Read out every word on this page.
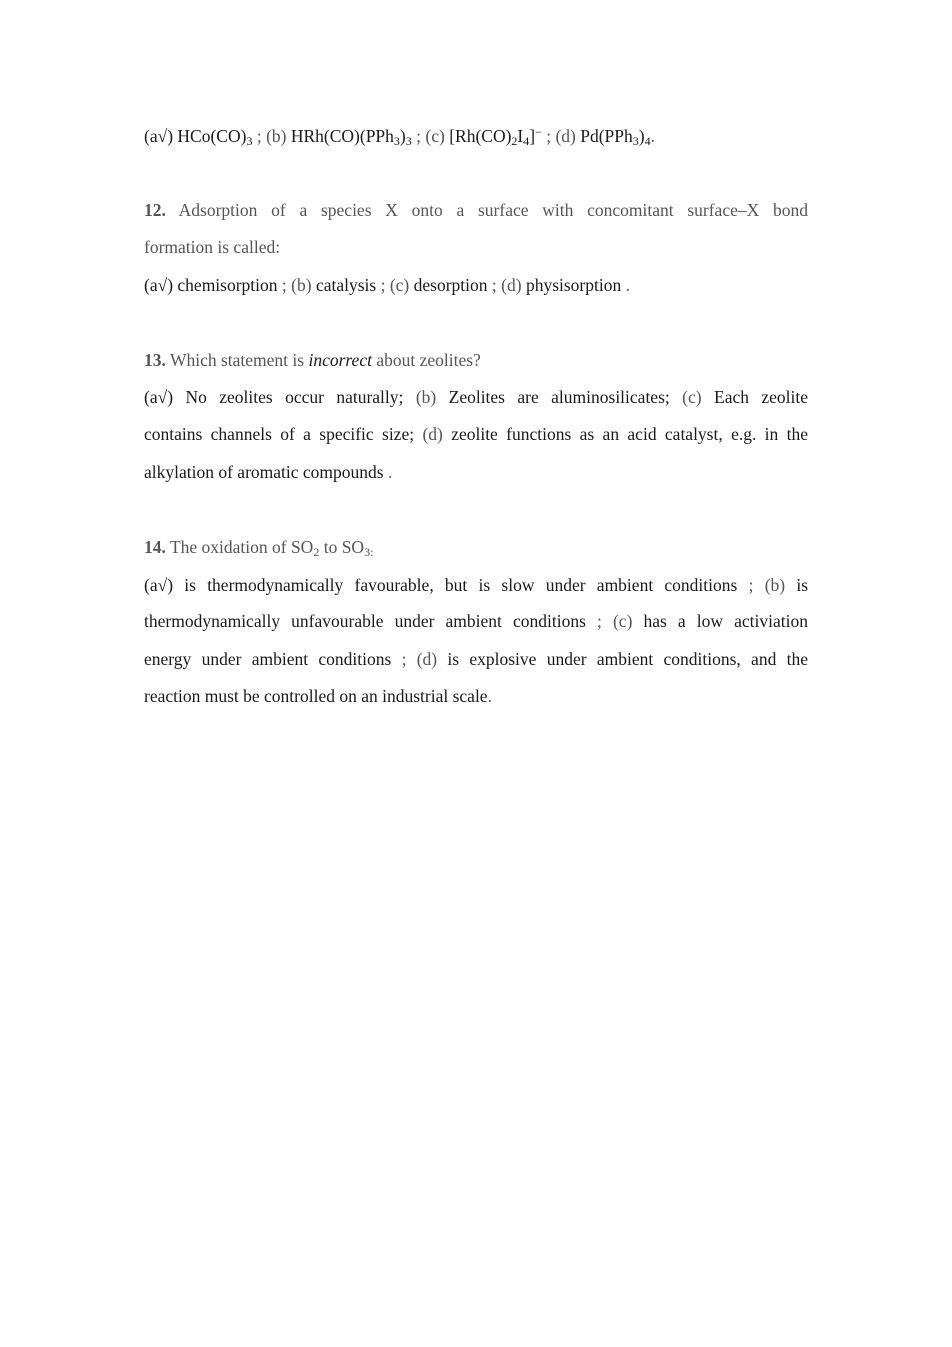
(a√) $HCo(CO)_3$ ; (b) $HRh(CO)(PPh_3)_3$ ; (c) $[Rh(CO)_2I_4]^-$ ; (d) $Pd(PPh_3)_4$.
12. Adsorption of a species X onto a surface with concomitant surface–X bond
formation is called:
(a√) chemisorption ; (b) catalysis ; (c) desorption ; (d) physisorption .
13. Which statement is incorrect about zeolites?
(a√) No zeolites occur naturally; (b) Zeolites are aluminosilicates; (c) Each zeolite
contains channels of a specific size; (d) zeolite functions as an acid catalyst, e.g. in the
alkylation of aromatic compounds .
14. The oxidation of $SO_2$ to $SO_{3:}$
(a√) is thermodynamically favourable, but is slow under ambient conditions ; (b) is
thermodynamically unfavourable under ambient conditions ; (c) has a low activiation
energy under ambient conditions ; (d) is explosive under ambient conditions, and the
reaction must be controlled on an industrial scale.
